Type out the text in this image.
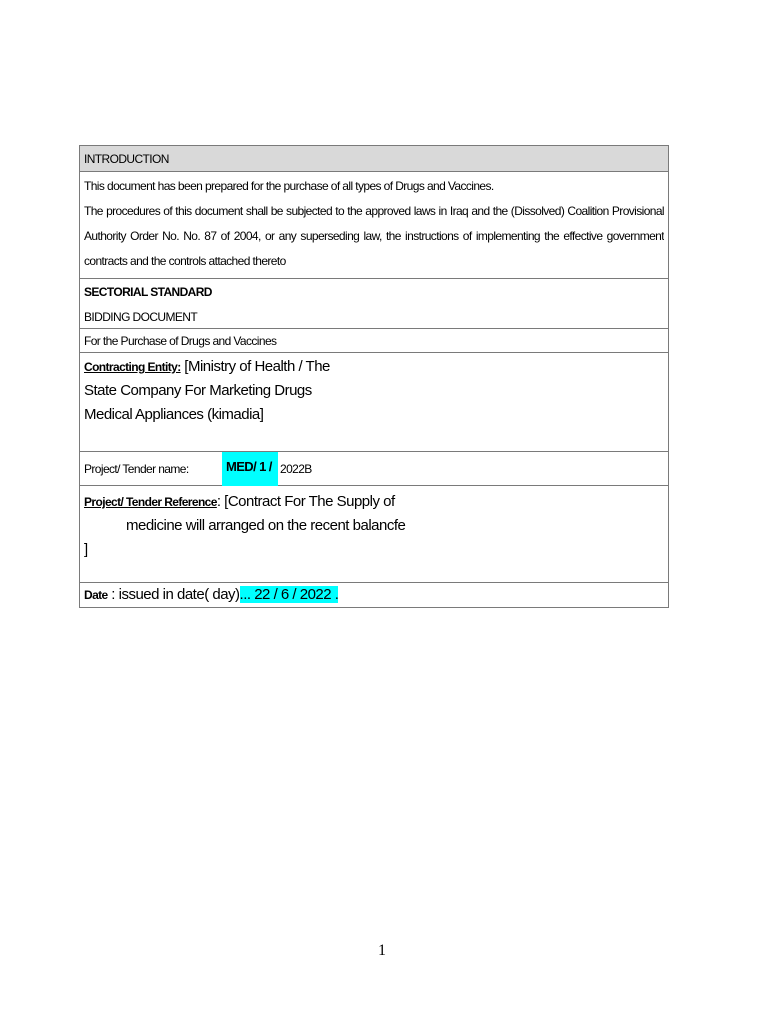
INTRODUCTION
This document has been prepared for the purchase of all types of Drugs and Vaccines.
The procedures of this document shall be subjected to the approved laws in Iraq and the (Dissolved) Coalition Provisional
Authority Order No. No. 87 of 2004, or any superseding law, the instructions of implementing the effective government
contracts and the controls attached thereto
SECTORIAL STANDARD
BIDDING DOCUMENT
For the Purchase of Drugs and Vaccines
Contracting Entity: [Ministry of Health / The
State Company For Marketing Drugs
Medical Appliances (kimadia]
Project/ Tender name:	MED/ 1 / 2022B
Project/ Tender Reference: [Contract For The Supply of
medicine will arranged on the recent balancfe
]
Date : issued in date( day)... 22 / 6 / 2022 .
1
